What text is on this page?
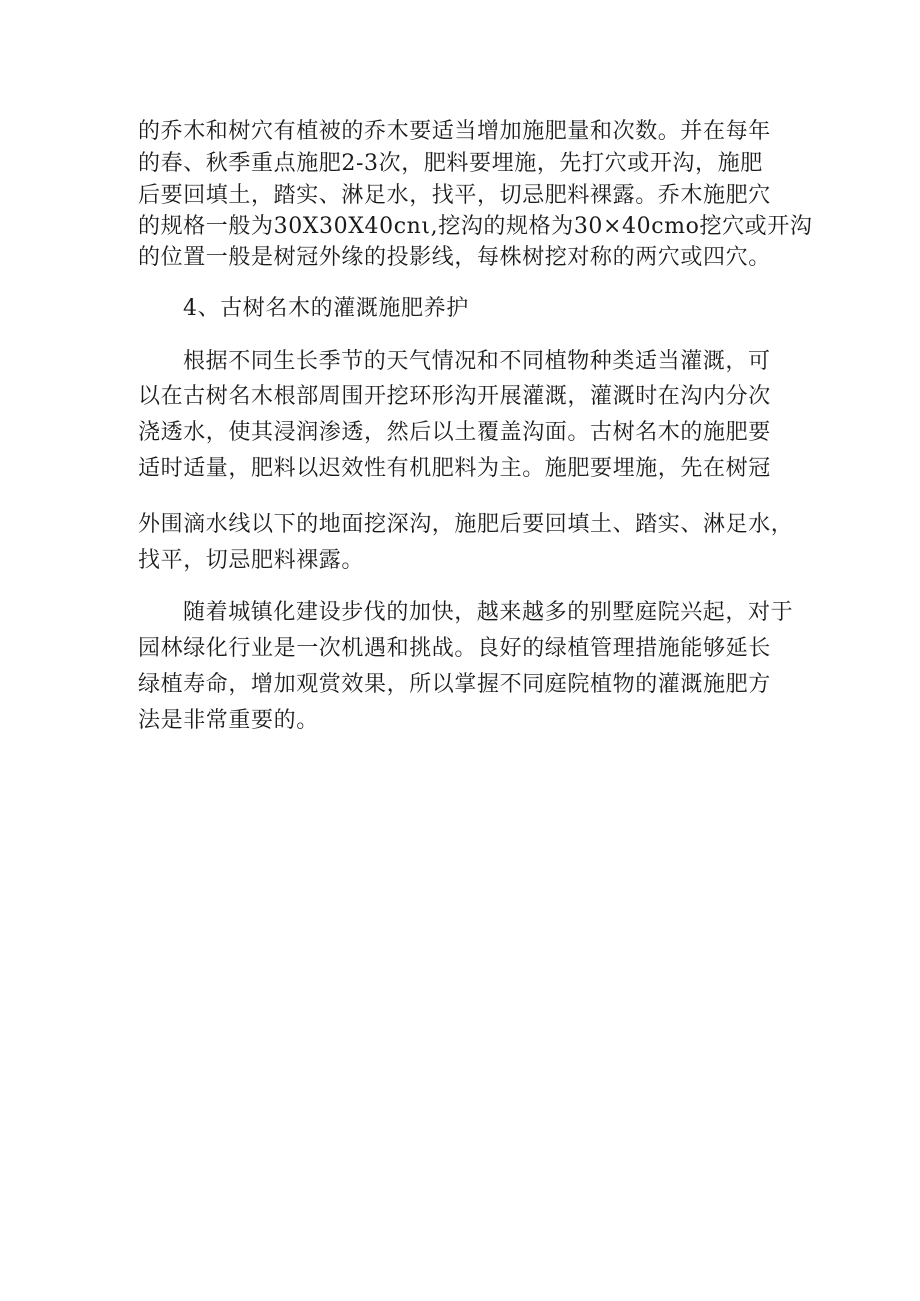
的乔木和树穴有植被的乔木要适当增加施肥量和次数。并在每年
的春、秋季重点施肥2-3次，肥料要埋施，先打穴或开沟，施肥
后要回填土，踏实、淋足水，找平，切忌肥料裸露。乔木施肥穴
的规格一般为30X30X40cnι,挖沟的规格为30×40cmo挖穴或开沟
的位置一般是树冠外缘的投影线，每株树挖对称的两穴或四穴。
4、古树名木的灌溉施肥养护
根据不同生长季节的天气情况和不同植物种类适当灌溉，可
以在古树名木根部周围开挖环形沟开展灌溉，灌溉时在沟内分次
浇透水，使其浸润渗透，然后以土覆盖沟面。古树名木的施肥要
适时适量，肥料以迟效性有机肥料为主。施肥要埋施，先在树冠
外围滴水线以下的地面挖深沟，施肥后要回填土、踏实、淋足水，
找平，切忌肥料裸露。
随着城镇化建设步伐的加快，越来越多的别墅庭院兴起，对于
园林绿化行业是一次机遇和挑战。良好的绿植管理措施能够延长
绿植寿命，增加观赏效果，所以掌握不同庭院植物的灌溉施肥方
法是非常重要的。
